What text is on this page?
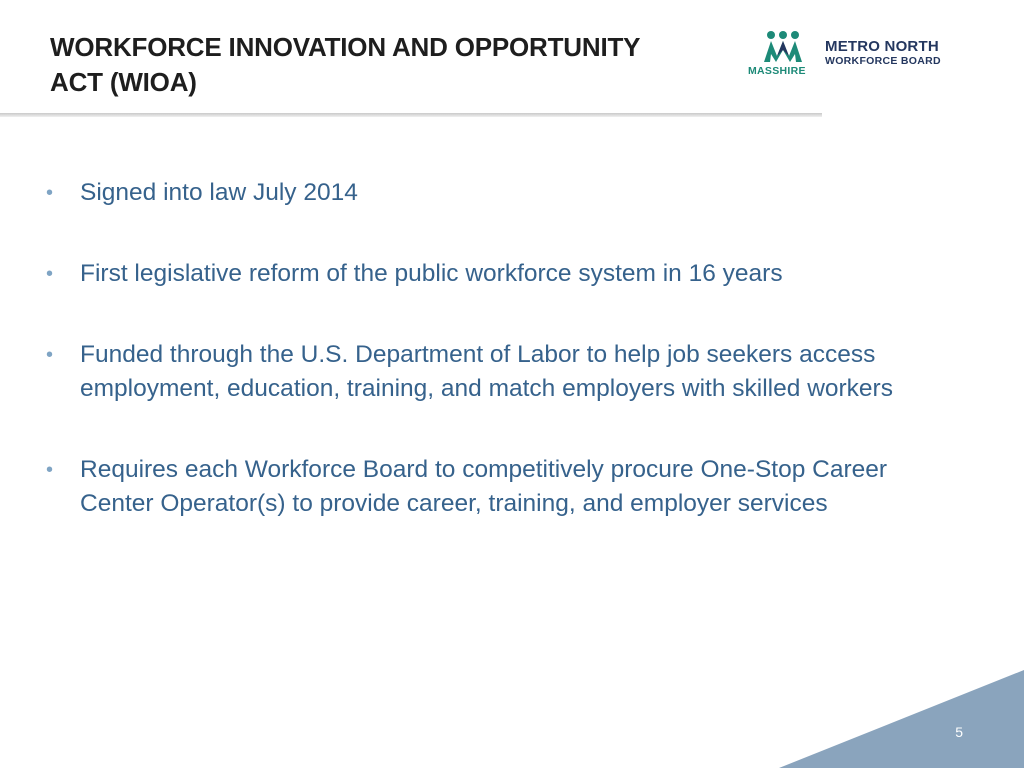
WORKFORCE INNOVATION AND OPPORTUNITY
ACT (WIOA)	MASSHIRE
METRO NORTH
WORKFORCE BOARD
• Signed into law July 2014
• First legislative reform of the public workforce system in 16 years
• Funded through the U.S. Department of Labor to help job seekers access employment, education, training, and match employers with skilled workers
• Requires each Workforce Board to competitively procure One-Stop Career Center Operator(s) to provide career, training, and employer services
5
